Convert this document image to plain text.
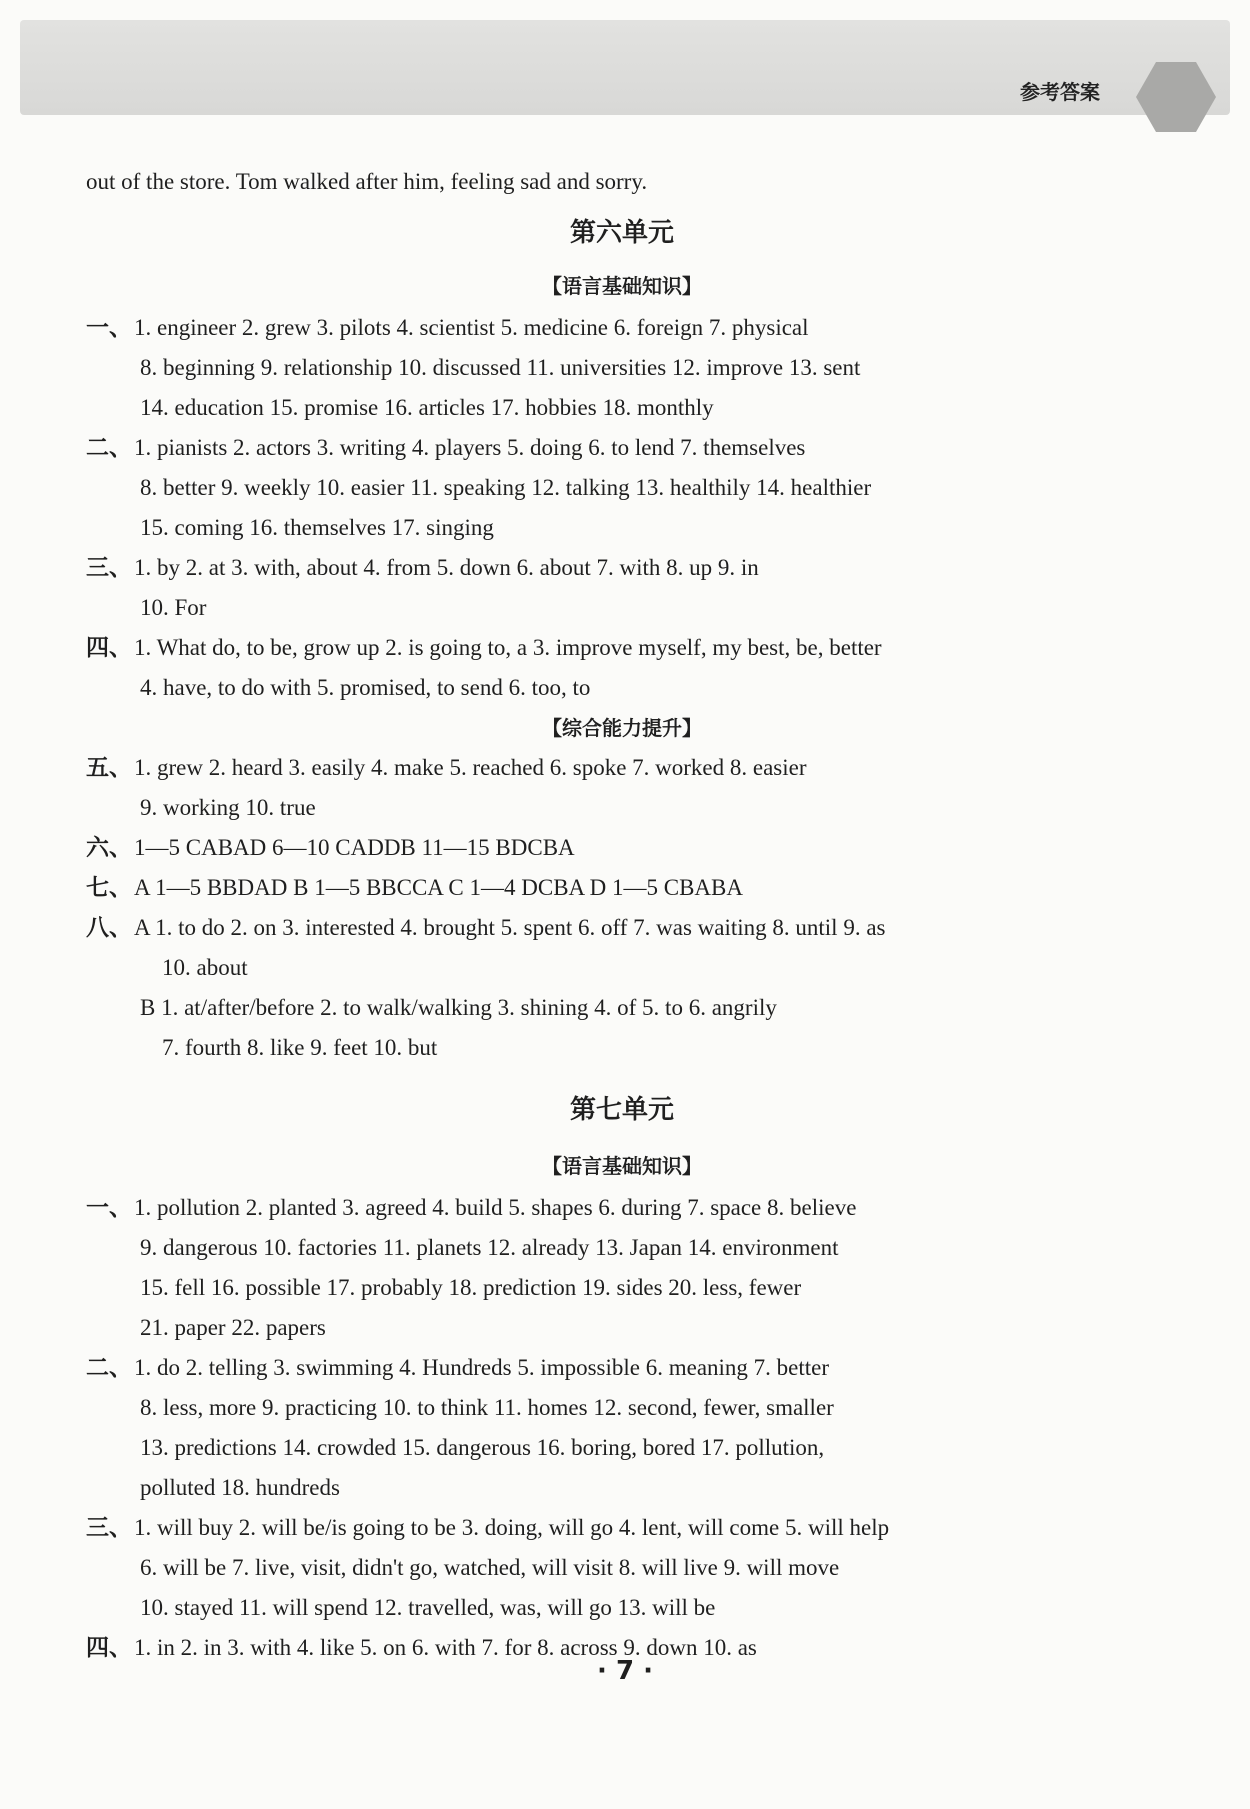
参考答案
out of the store. Tom walked after him, feeling sad and sorry.
第六单元
【语言基础知识】
一、1. engineer 2. grew 3. pilots 4. scientist 5. medicine 6. foreign 7. physical
8. beginning 9. relationship 10. discussed 11. universities 12. improve 13. sent
14. education 15. promise 16. articles 17. hobbies 18. monthly
二、1. pianists 2. actors 3. writing 4. players 5. doing 6. to lend 7. themselves
8. better 9. weekly 10. easier 11. speaking 12. talking 13. healthily 14. healthier
15. coming 16. themselves 17. singing
三、1. by 2. at 3. with, about 4. from 5. down 6. about 7. with 8. up 9. in
10. For
四、1. What do, to be, grow up 2. is going to, a 3. improve myself, my best, be, better
4. have, to do with 5. promised, to send 6. too, to
【综合能力提升】
五、1. grew 2. heard 3. easily 4. make 5. reached 6. spoke 7. worked 8. easier
9. working 10. true
六、1—5 CABAD 6—10 CADDB 11—15 BDCBA
七、A 1—5 BBDAD B 1—5 BBCCA C 1—4 DCBA D 1—5 CBABA
八、A 1. to do 2. on 3. interested 4. brought 5. spent 6. off 7. was waiting 8. until 9. as
10. about
B 1. at/after/before 2. to walk/walking 3. shining 4. of 5. to 6. angrily
7. fourth 8. like 9. feet 10. but
第七单元
【语言基础知识】
一、1. pollution 2. planted 3. agreed 4. build 5. shapes 6. during 7. space 8. believe
9. dangerous 10. factories 11. planets 12. already 13. Japan 14. environment
15. fell 16. possible 17. probably 18. prediction 19. sides 20. less, fewer
21. paper 22. papers
二、1. do 2. telling 3. swimming 4. Hundreds 5. impossible 6. meaning 7. better
8. less, more 9. practicing 10. to think 11. homes 12. second, fewer, smaller
13. predictions 14. crowded 15. dangerous 16. boring, bored 17. pollution,
polluted 18. hundreds
三、1. will buy 2. will be/is going to be 3. doing, will go 4. lent, will come 5. will help
6. will be 7. live, visit, didn't go, watched, will visit 8. will live 9. will move
10. stayed 11. will spend 12. travelled, was, will go 13. will be
四、1. in 2. in 3. with 4. like 5. on 6. with 7. for 8. across 9. down 10. as
· 7 ·
